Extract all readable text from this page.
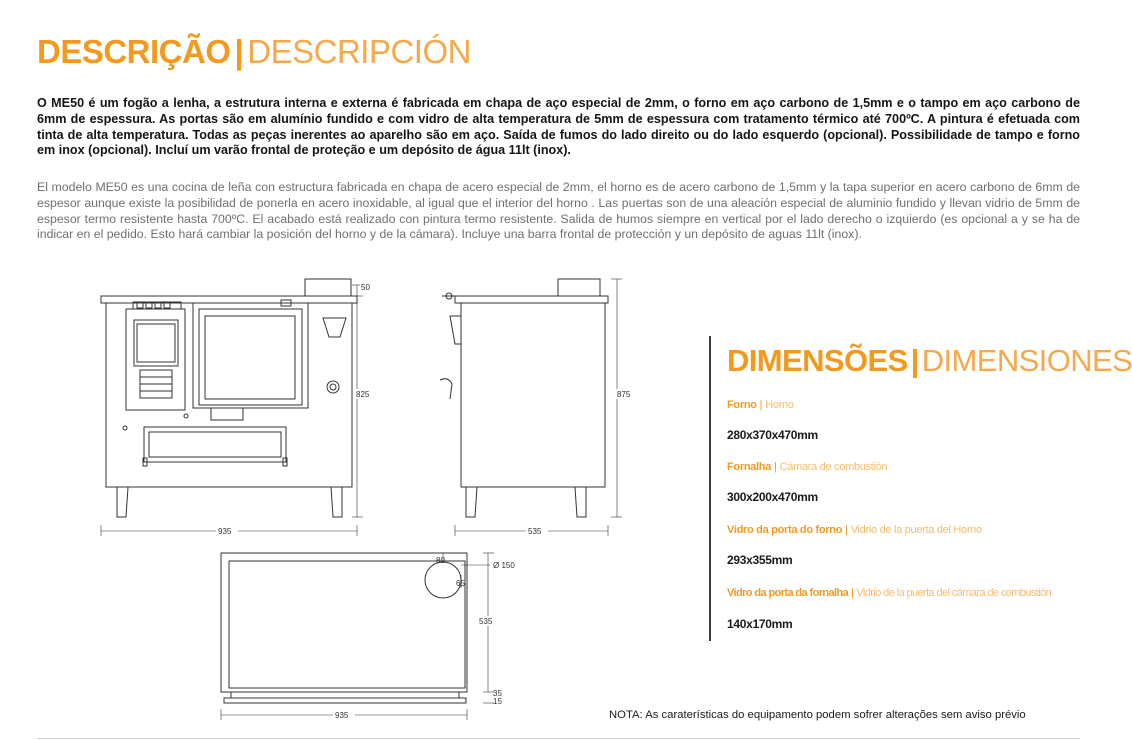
DESCRIÇÃO | DESCRIPCIÓN

O ME50 é um fogão a lenha, a estrutura interna e externa é fabricada em chapa de aço especial de 2mm, o forno em aço carbono de 1,5mm e o tampo em aço carbono de 6mm de espessura. As portas são em alumínio fundido e com vidro de alta temperatura de 5mm de espessura com tratamento térmico até 700ºC. A pintura é efetuada com tinta de alta temperatura. Todas as peças inerentes ao aparelho são em aço. Saída de fumos do lado direito ou do lado esquerdo (opcional). Possibilidade de tampo e forno em inox (opcional). Incluí um varão frontal de proteção e um depósito de água 11lt (inox).

El modelo ME50 es una cocina de leña con estructura fabricada en chapa de acero especial de 2mm, el horno es de acero carbono de 1,5mm y la tapa superior en acero carbono de 6mm de espesor aunque existe la posibilidad de ponerla en acero inoxidable, al igual que el interior del horno . Las puertas son de una aleación especial de aluminio fundido y llevan vidrio de 5mm de espesor termo resistente hasta 700ºC. El acabado está realizado con pintura termo resistente. Salida de humos siempre en vertical por el lado derecho o izquierdo (es opcional a y se ha de indicar en el pedido. Esto hará cambiar la posición del horno y de la cámara). Incluye una barra frontal de protección y un depósito de aguas 11lt (inox).

50
825
935
875
535
80
Ø 150
65
535
35
15
935
DIMENSÕES|DIMENSIONES
Forno | Horno
280x370x470mm
Fornalha | Cámara de combustión
300x200x470mm
Vidro da porta do forno | Vidrio de la puerta del Horno
293x355mm
Vidro da porta da fornalha | Vidrio de la puerta del cámara de combustión
140x170mm
NOTA: As caraterísticas do equipamento podem sofrer alterações sem aviso prévio
